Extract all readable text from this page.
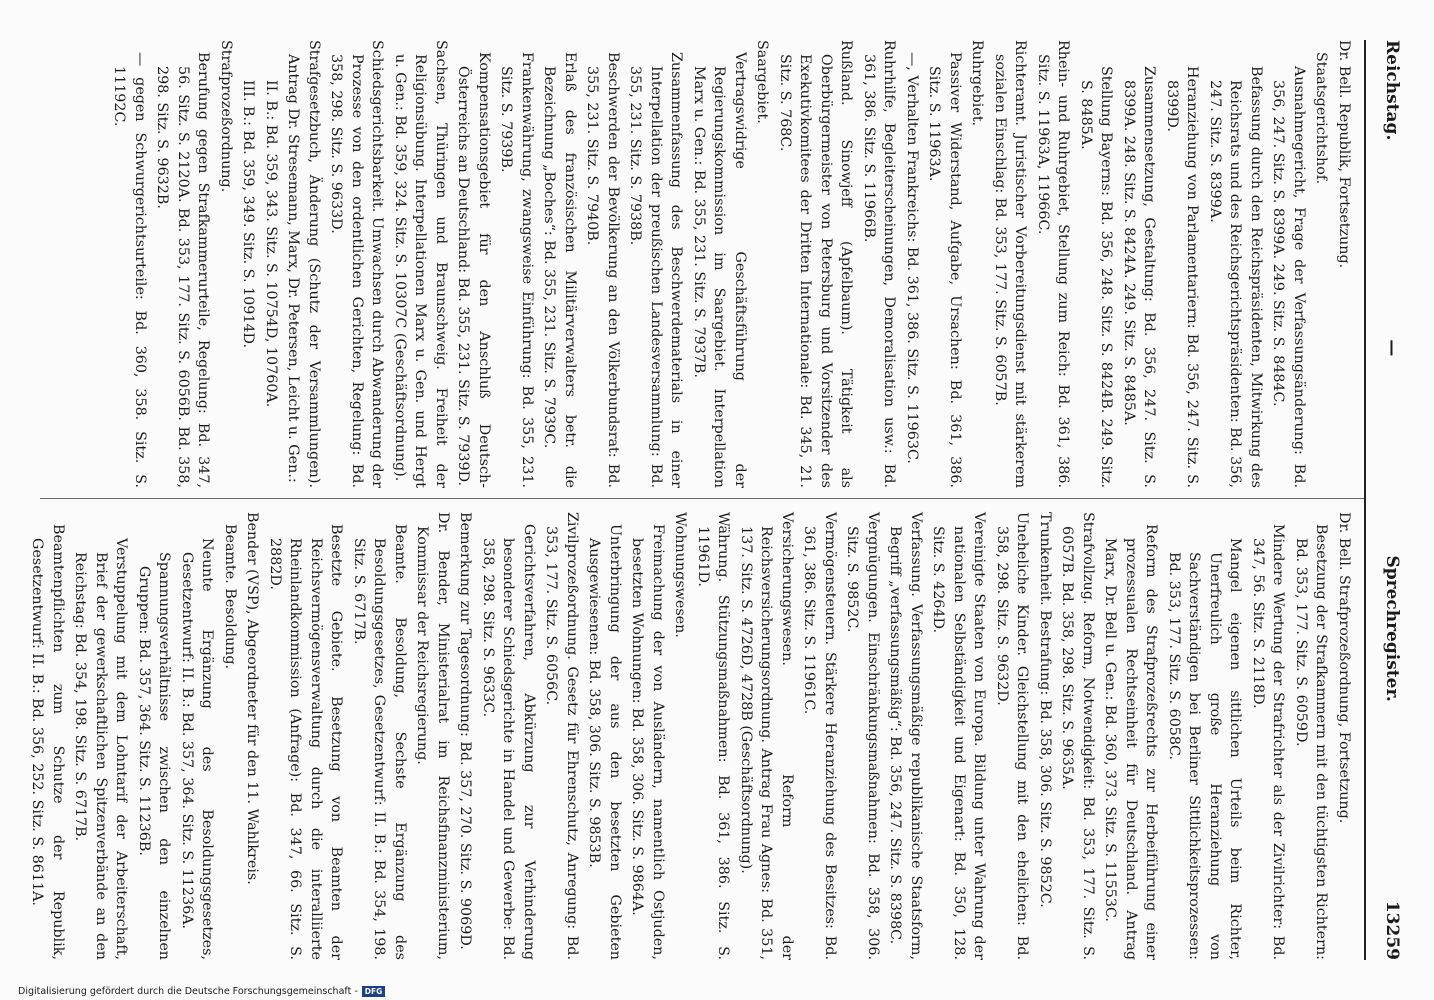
Reichstag.
—
Sprechregister.
13259

Dr. Bell. Republik, Fortsetzung.

Staatsgerichtshof.

Ausnahmegericht, Frage der Verfassungsänderung: Bd. 356, 247. Sitz. S. 8399A. 249. Sitz. S. 8484C.

Befassung durch den Reichspräsidenten, Mitwirkung des Reichsrats und des Reichsgerichtspräsidenten: Bd. 356, 247. Sitz. S. 8399A.

Heranziehung von Parlamentariern: Bd. 356, 247. Sitz. S. 8399D.

Zusammensetzung, Gestaltung: Bd. 356, 247. Sitz. S. 8399A. 248. Sitz. S. 8424A. 249. Sitz. S. 8485A.

Stellung Bayerns: Bd. 356, 248. Sitz. S. 8424B. 249. Sitz. S. 8485A.

Rhein- und Ruhrgebiet, Stellung zum Reich: Bd. 361, 386. Sitz. S. 11963A, 11966C.

Richteramt. Juristischer Vorbereitungsdienst mit stärkerem sozialen Einschlag: Bd. 353, 177. Sitz. S. 6057B.

Ruhrgebiet.

Passiver Widerstand, Aufgabe, Ursachen: Bd. 361, 386. Sitz. S. 11963A.

—, Verhalten Frankreichs: Bd. 361, 386. Sitz. S. 11963C.

Ruhrhilfe, Begleiterscheinungen, Demoralisation usw.: Bd. 361, 386. Sitz. S. 11966B.

Rußland. Sinowjeff (Apfelbaum). Tätigkeit als Oberbürgermeister von Petersburg und Vorsitzender des Exekutivkomitees der Dritten Internationale: Bd. 345, 21. Sitz. S. 768C.

Saargebiet.

Vertragswidrige Geschäftsführung der Regierungskommission im Saargebiet. Interpellation Marx u. Gen.: Bd. 355, 231. Sitz. S. 7937B.

Zusammenfassung des Beschwerdematerials in einer Interpellation der preußischen Landesversammlung: Bd. 355, 231. Sitz. S. 7938B.

Beschwerden der Bevölkerung an den Völkerbundsrat: Bd. 355, 231. Sitz. S. 7940B.

Erlaß des französischen Militärverwalters betr. die Bezeichnung „Boches“: Bd. 355, 231. Sitz. S. 7939C.

Frankenwährung, zwangsweise Einführung: Bd. 355, 231. Sitz. S. 7939B.

Kompensationsgebiet für den Anschluß Deutsch-Österreichs an Deutschland: Bd. 355, 231. Sitz. S. 7939D.

Sachsen, Thüringen und Braunschweig. Freiheit der Religionsübung. Interpellationen Marx u. Gen. und Hergt u. Gen.: Bd. 359, 324. Sitz. S. 10307C (Geschäftsordnung).

Schiedsgerichtsbarkeit. Umwachsen durch Abwanderung der Prozesse von den ordentlichen Gerichten, Regelung: Bd. 358, 298. Sitz. S. 9633D.

Strafgesetzbuch, Änderung (Schutz der Versammlungen). Antrag Dr. Stresemann, Marx, Dr. Petersen, Leicht u. Gen.:

II. B.: Bd. 359, 343. Sitz. S. 10754D, 10760A.

III. B.: Bd. 359, 349. Sitz. S. 10914D.

Strafprozeßordnung.

Berufung gegen Strafkammerurteile, Regelung: Bd. 347, 56. Sitz. S. 2120A. Bd. 353, 177. Sitz. S. 6056B. Bd. 358, 298. Sitz. S. 9632B.

— gegen Schwurgerichtsurteile: Bd. 360, 358. Sitz. S. 11192C.

Dr. Bell. Strafprozeßordnung, Fortsetzung.

Besetzung der Strafkammern mit den tüchtigsten Richtern: Bd. 353, 177. Sitz. S. 6059D.

Mindere Wertung der Strafrichter als der Zivilrichter: Bd. 347, 56. Sitz. S. 2118D.

Mangel eigenen sittlichen Urteils beim Richter, Unerfreulich große Heranziehung von Sachverständigen bei Berliner Sittlichkeitsprozessen: Bd. 353, 177. Sitz. S. 6058C.

Reform des Strafprozeßrechts zur Herbeiführung einer prozessualen Rechtseinheit für Deutschland. Antrag Marx, Dr. Bell u. Gen.: Bd. 360, 373. Sitz. S. 11553C.

Strafvollzug. Reform, Notwendigkeit: Bd. 353, 177. Sitz. S. 6057B. Bd. 358, 298. Sitz. S. 9635A.

Trunkenheit. Bestrafung: Bd. 358, 306. Sitz. S. 9852C.

Uneheliche Kinder. Gleichstellung mit den ehelichen: Bd. 358, 298. Sitz. S. 9632D.

Vereinigte Staaten von Europa. Bildung unter Wahrung der nationalen Selbständigkeit und Eigenart: Bd. 350, 128. Sitz. S. 4264D.

Verfassung. Verfassungsmäßige republikanische Staatsform, Begriff „verfassungsmäßig“: Bd. 356, 247. Sitz. S. 8398C.

Vergnügungen. Einschränkungsmaßnahmen: Bd. 358, 306. Sitz. S. 9852C.

Vermögensteuern. Stärkere Heranziehung des Besitzes: Bd. 361, 386. Sitz. S. 11961C.

Versicherungswesen. Reform der Reichsversicherungsordnung. Antrag Frau Agnes: Bd. 351, 137. Sitz. S. 4726D, 4728B (Geschäftsordnung).

Währung. Stützungsmaßnahmen: Bd. 361, 386. Sitz. S. 11961D.

Wohnungswesen.

Freimachung der von Ausländern, namentlich Ostjuden, besetzten Wohnungen: Bd. 358, 306. Sitz. S. 9864A.

Unterbringung der aus den besetzten Gebieten Ausgewiesenen: Bd. 358, 306. Sitz. S. 9853B.

Zivilprozeßordnung. Gesetz für Ehrenschutz, Anregung: Bd. 353, 177. Sitz. S. 6056C.

Gerichtsverfahren, Abkürzung zur Verhinderung besonderer Schiedsgerichte in Handel und Gewerbe: Bd. 358, 298. Sitz. S. 9633C.

Bemerkung zur Tagesordnung: Bd. 357, 270. Sitz. S. 9069D.

Dr. Bender, Ministerialrat im Reichsfinanzministerium, Kommissar der Reichsregierung.

Beamte. Besoldung, Sechste Ergänzung des Besoldungsgesetzes, Gesetzentwurf: II. B.: Bd. 354, 198. Sitz. S. 6717B.

Besetzte Gebiete. Besetzung von Beamten der Reichsvermögensverwaltung durch die interalliierte Rheinlandkommission (Anfrage): Bd. 347, 66. Sitz. S. 2882D.

Bender (VSP), Abgeordneter für den 11. Wahlkreis.

Beamte. Besoldung.

Neunte Ergänzung des Besoldungsgesetzes, Gesetzentwurf: II. B.: Bd. 357, 364. Sitz. S. 11236A.

Spannungsverhältnisse zwischen den einzelnen Gruppen: Bd. 357, 364. Sitz. S. 11236B.

Verstuppelung mit dem Lohntarif der Arbeiterschaft, Brief der gewerkschaftlichen Spitzenverbände an den Reichstag: Bd. 354, 198. Sitz. S. 6717B.

Beamtenpflichten zum Schutze der Republik, Gesetzentwurf: II. B.: Bd. 356, 252. Sitz. S. 8611A.

Digitalisierung gefördert durch die Deutsche Forschungsgemeinschaft - DFG
